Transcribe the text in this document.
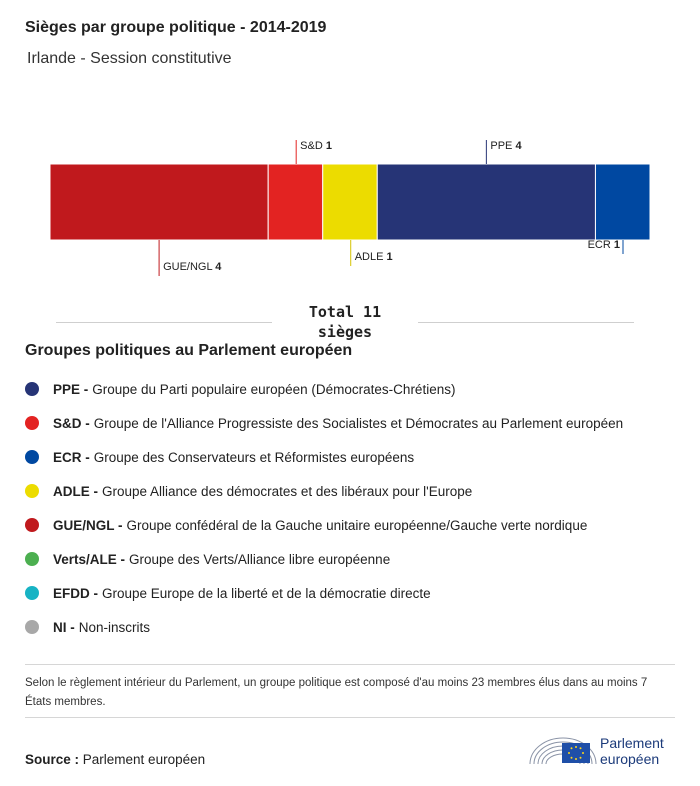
Sièges par groupe politique - 2014-2019
Irlande - Session constitutive
GUE/NGL 4
S&D 1
ADLE 1
PPE 4
ECR 1
Total 11
sièges
Groupes politiques au Parlement européen
PPE - Groupe du Parti populaire européen (Démocrates-Chrétiens)
S&D - Groupe de l'Alliance Progressiste des Socialistes et Démocrates au Parlement européen
ECR - Groupe des Conservateurs et Réformistes européens
ADLE - Groupe Alliance des démocrates et des libéraux pour l'Europe
GUE/NGL - Groupe confédéral de la Gauche unitaire européenne/Gauche verte nordique
Verts/ALE - Groupe des Verts/Alliance libre européenne
EFDD - Groupe Europe de la liberté et de la démocratie directe
NI - Non-inscrits
Selon le règlement intérieur du Parlement, un groupe politique est composé d'au moins 23 membres élus dans au moins 7 États membres.
Source : Parlement européen
Parlement
européen
